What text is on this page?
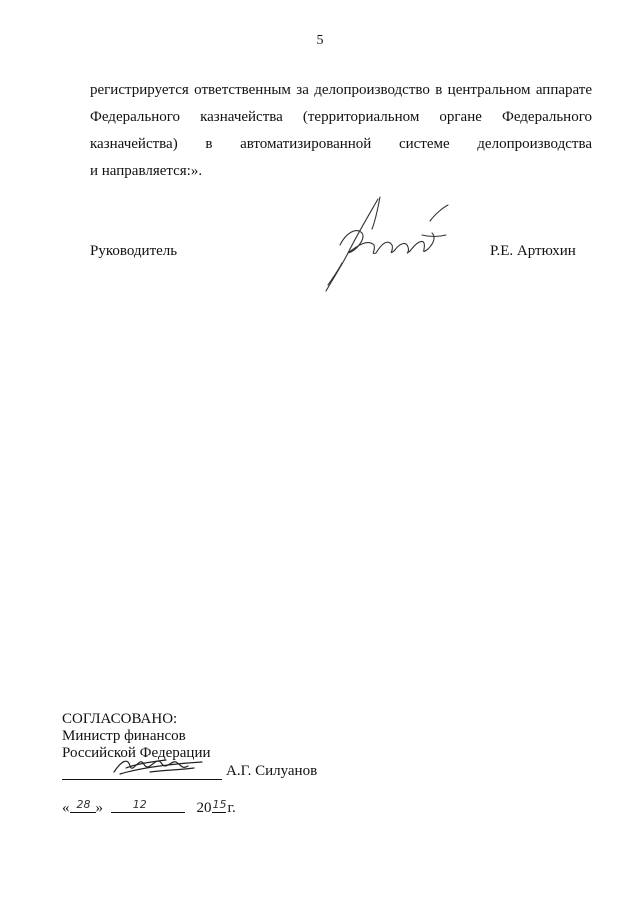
5
регистрируется ответственным за делопроизводство в центральном аппарате
Федерального казначейства (территориальном органе Федерального
казначейства) в автоматизированной системе делопроизводства
и направляется:».
Руководитель	Р.Е. Артюхин
СОГЛАСОВАНО:
Министр финансов
Российской Федерации
А.Г. Силуанов
« $^{28}$ »	$^{12}$	$20^{15}г$.
